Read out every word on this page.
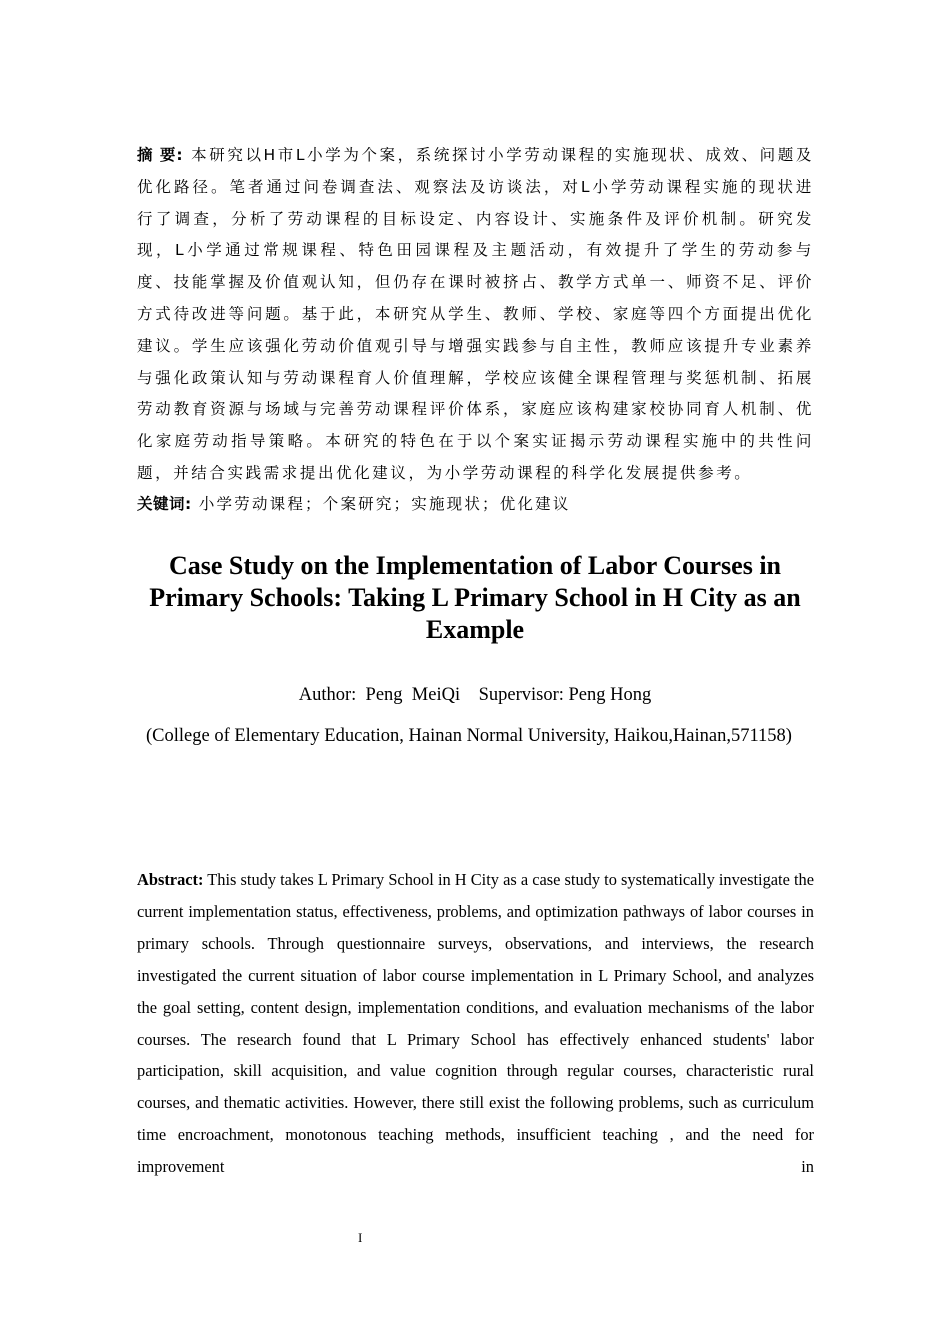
摘 要: 本研究以H市L小学为个案，系统探讨小学劳动课程的实施现状、成效、问题及优化路径。笔者通过问卷调查法、观察法及访谈法，对L小学劳动课程实施的现状进行了调查，分析了劳动课程的目标设定、内容设计、实施条件及评价机制。研究发现，L小学通过常规课程、特色田园课程及主题活动，有效提升了学生的劳动参与度、技能掌握及价值观认知，但仍存在课时被挤占、教学方式单一、师资不足、评价方式待改进等问题。基于此，本研究从学生、教师、学校、家庭等四个方面提出优化建议。学生应该强化劳动价值观引导与增强实践参与自主性，教师应该提升专业素养与强化政策认知与劳动课程育人价值理解，学校应该健全课程管理与奖惩机制、拓展劳动教育资源与场域与完善劳动课程评价体系，家庭应该构建家校协同育人机制、优化家庭劳动指导策略。本研究的特色在于以个案实证揭示劳动课程实施中的共性问题，并结合实践需求提出优化建议，为小学劳动课程的科学化发展提供参考。
关键词: 小学劳动课程；个案研究；实施现状；优化建议
Case Study on the Implementation of Labor Courses in Primary Schools: Taking L Primary School in H City as an Example
Author:  Peng  MeiQi    Supervisor: Peng Hong
(College of Elementary Education, Hainan Normal University, Haikou,Hainan,571158)
Abstract: This study takes L Primary School in H City as a case study to systematically investigate the current implementation status, effectiveness, problems, and optimization pathways of labor courses in primary schools. Through questionnaire surveys, observations, and interviews, the research investigated the current situation of labor course implementation in L Primary School, and analyzes the goal setting, content design, implementation conditions, and evaluation mechanisms of the labor courses. The research found that L Primary School has effectively enhanced students' labor participation, skill acquisition, and value cognition through regular courses, characteristic rural courses, and thematic activities. However, there still exist the following problems, such as curriculum time encroachment, monotonous teaching methods, insufficient teaching , and the need for improvement in
I
